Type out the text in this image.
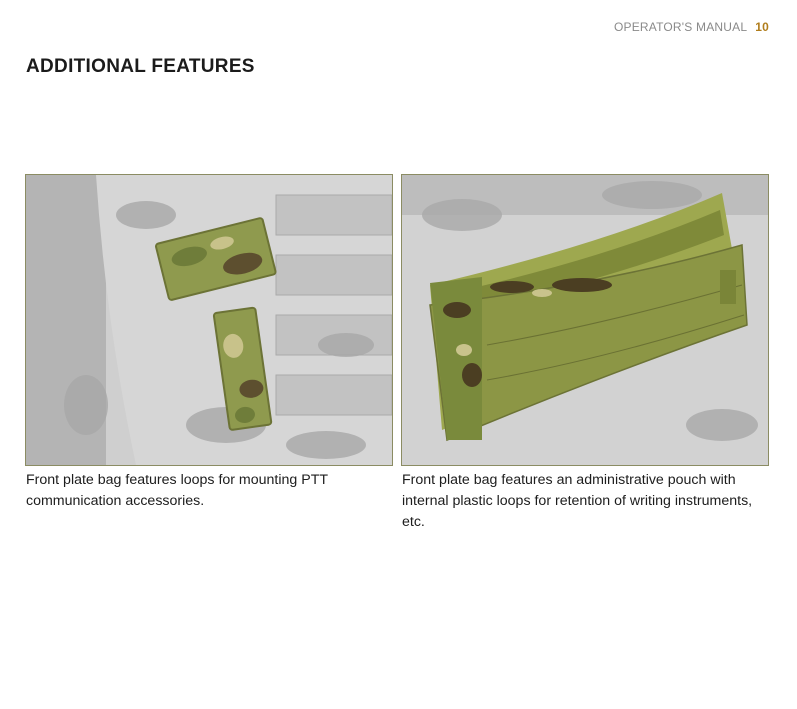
OPERATOR'S MANUAL 10
ADDITIONAL FEATURES
Front plate bag features loops for mounting PTT communication accessories.
Front plate bag features an administrative pouch with internal plastic loops for retention of writing instruments, etc.
